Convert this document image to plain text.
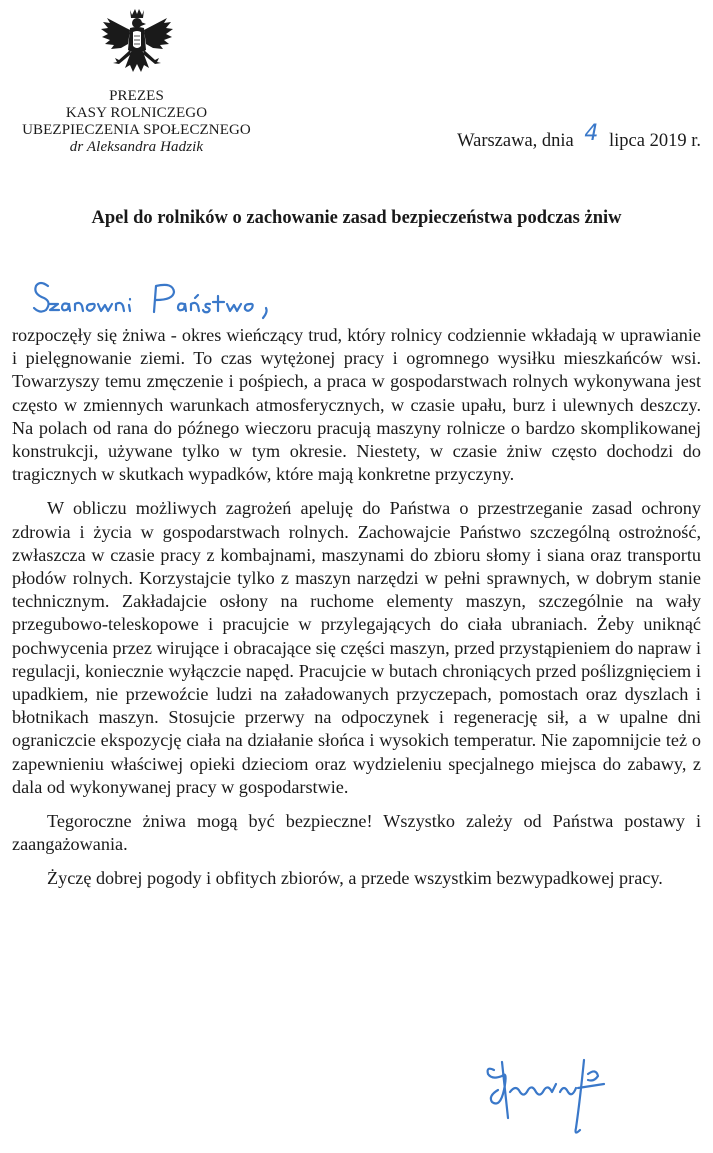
PREZES
KASY ROLNICZEGO
UBEZPIECZENIA SPOŁECZNEGO
dr Aleksandra Hadzik	Warszawa, dnia 4 lipca 2019 r.
Apel do rolników o zachowanie zasad bezpieczeństwa podczas żniw

rozpoczęły się żniwa - okres wieńczący trud, który rolnicy codziennie wkładają w uprawianie i pielęgnowanie ziemi. To czas wytężonej pracy i ogromnego wysiłku mieszkańców wsi. Towarzyszy temu zmęczenie i pośpiech, a praca w gospodarstwach rolnych wykonywana jest często w zmiennych warunkach atmosferycznych, w czasie upału, burz i ulewnych deszczy. Na polach od rana do późnego wieczoru pracują maszyny rolnicze o bardzo skomplikowanej konstrukcji, używane tylko w tym okresie. Niestety, w czasie żniw często dochodzi do tragicznych w skutkach wypadków, które mają konkretne przyczyny.

W obliczu możliwych zagrożeń apeluję do Państwa o przestrzeganie zasad ochrony zdrowia i życia w gospodarstwach rolnych. Zachowajcie Państwo szczególną ostrożność, zwłaszcza w czasie pracy z kombajnami, maszynami do zbioru słomy i siana oraz transportu płodów rolnych. Korzystajcie tylko z maszyn narzędzi w pełni sprawnych, w dobrym stanie technicznym. Zakładajcie osłony na ruchome elementy maszyn, szczególnie na wały przegubowo-teleskopowe i pracujcie w przylegających do ciała ubraniach. Żeby uniknąć pochwycenia przez wirujące i obracające się części maszyn, przed przystąpieniem do napraw i regulacji, koniecznie wyłączcie napęd. Pracujcie w butach chroniących przed poślizgnięciem i upadkiem, nie przewoźcie ludzi na załadowanych przyczepach, pomostach oraz dyszlach i błotnikach maszyn. Stosujcie przerwy na odpoczynek i regenerację sił, a w upalne dni ograniczcie ekspozycję ciała na działanie słońca i wysokich temperatur. Nie zapomnijcie też o zapewnieniu właściwej opieki dzieciom oraz wydzieleniu specjalnego miejsca do zabawy, z dala od wykonywanej pracy w gospodarstwie.

Tegoroczne żniwa mogą być bezpieczne! Wszystko zależy od Państwa postawy i zaangażowania.

Życzę dobrej pogody i obfitych zbiorów, a przede wszystkim bezwypadkowej pracy.
